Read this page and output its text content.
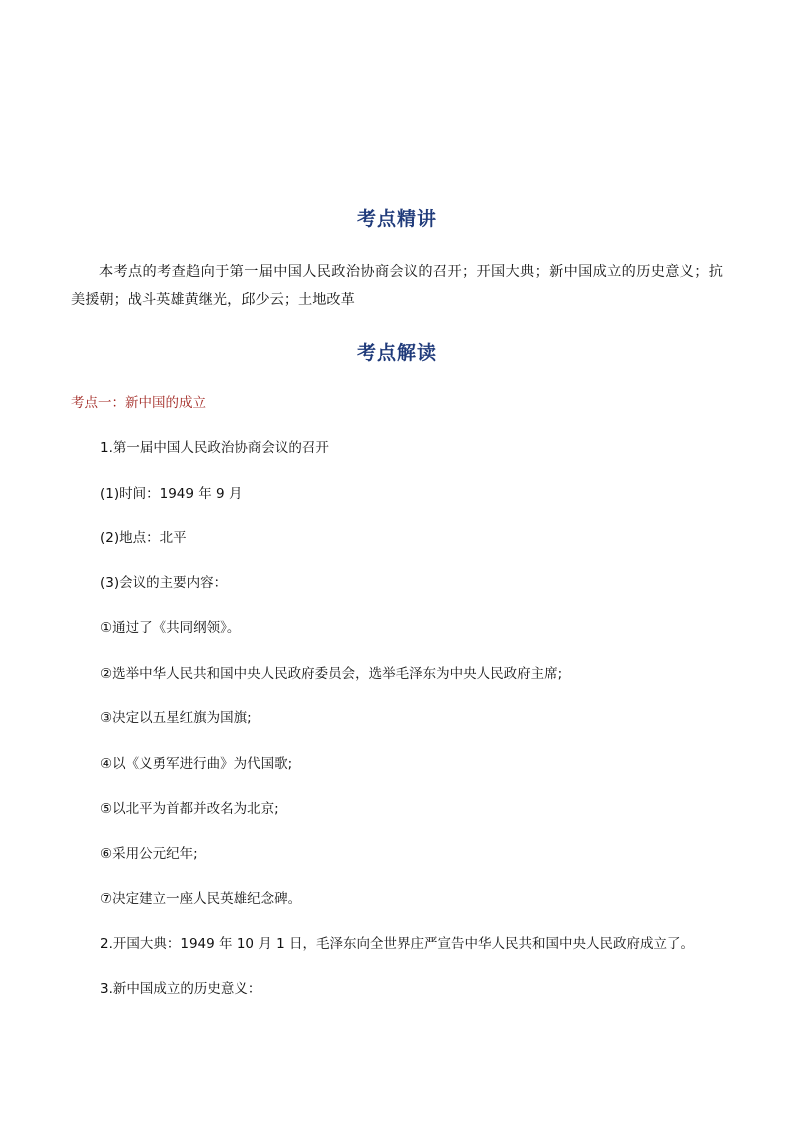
考点精讲
本考点的考查趋向于第一届中国人民政治协商会议的召开；开国大典；新中国成立的历史意义；抗美援朝；战斗英雄黄继光，邱少云；土地改革
考点解读
考点一：新中国的成立
1.第一届中国人民政治协商会议的召开
(1)时间：1949 年 9 月
(2)地点：北平
(3)会议的主要内容：
①通过了《共同纲领》。
②选举中华人民共和国中央人民政府委员会，选举毛泽东为中央人民政府主席;
③决定以五星红旗为国旗;
④以《义勇军进行曲》为代国歌;
⑤以北平为首都并改名为北京;
⑥采用公元纪年;
⑦决定建立一座人民英雄纪念碑。
2.开国大典：1949 年 10 月 1 日，毛泽东向全世界庄严宣告中华人民共和国中央人民政府成立了。
3.新中国成立的历史意义：
